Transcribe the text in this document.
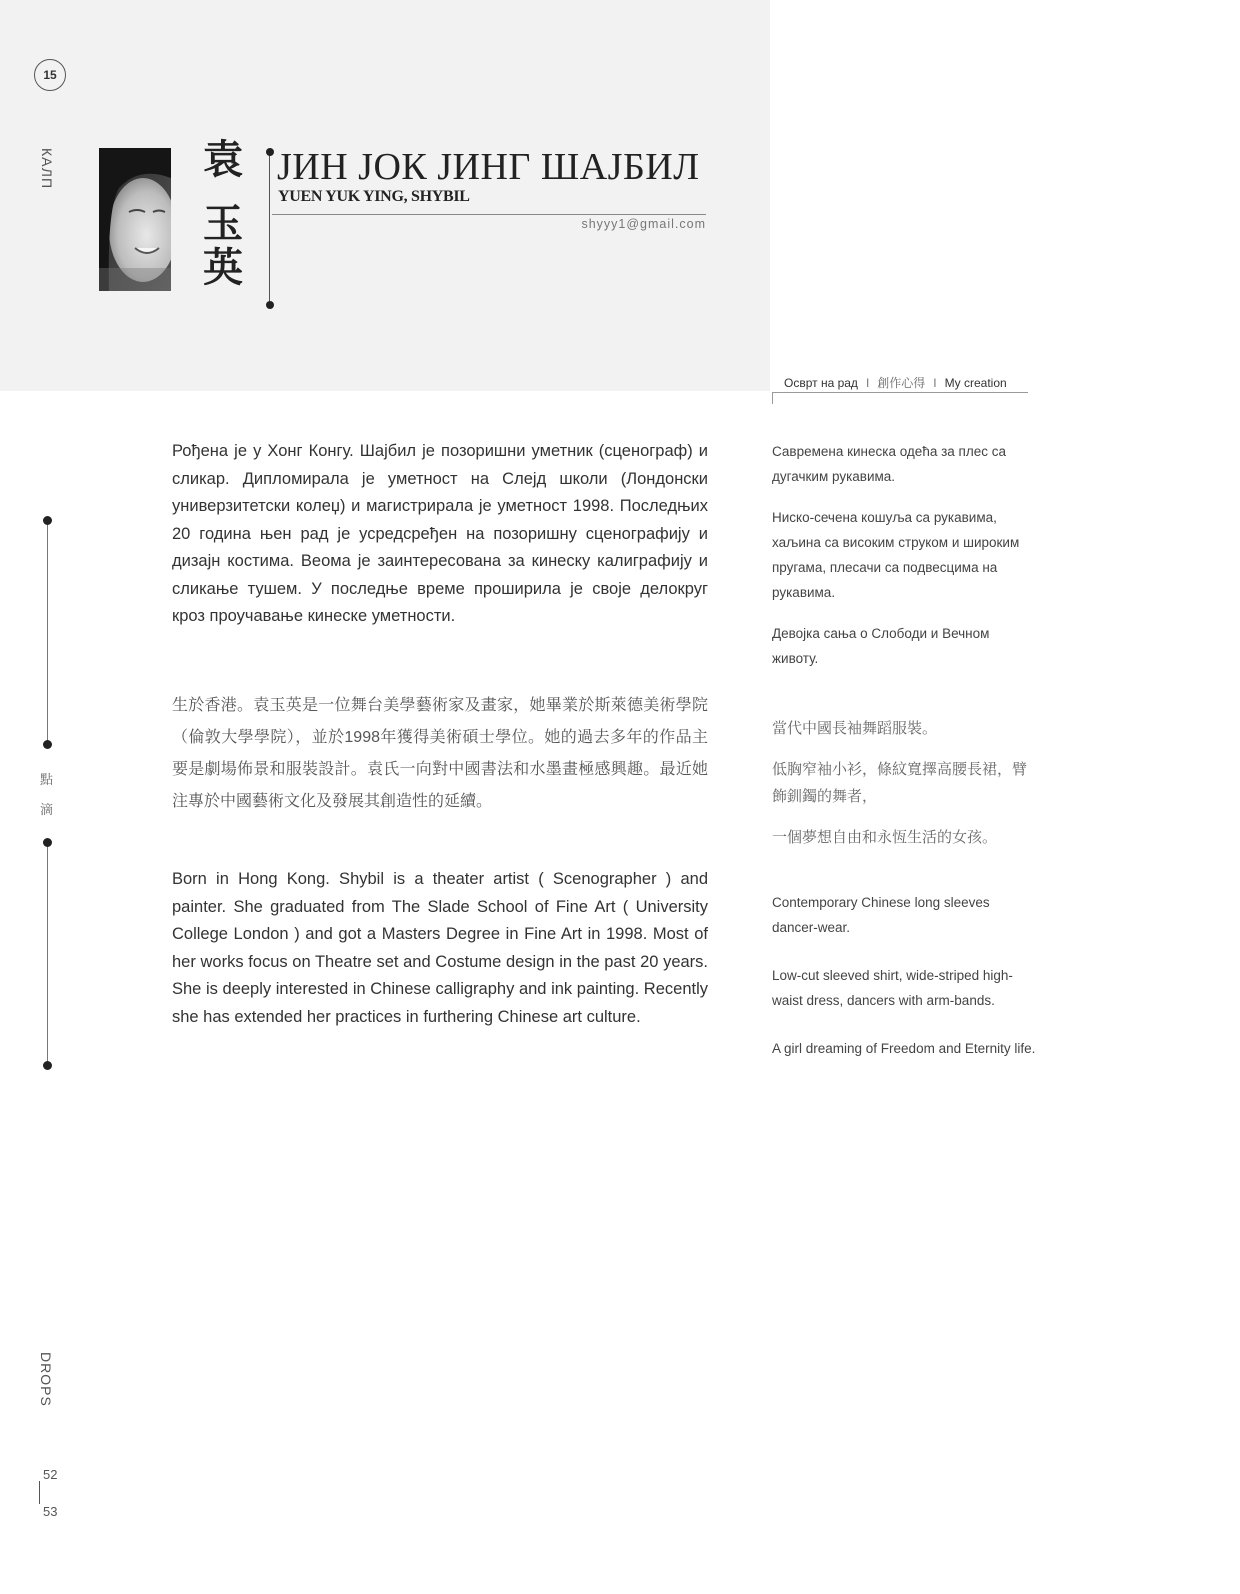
15
КАЛП	袁
玉
英
ЈИН ЈОК ЈИНГ ШАЈБИЛ
YUEN YUK YING, SHYBIL
shyyy1@gmail.com
Осврт на рад I 創作心得 I My creation

Рођена је у Хонг Конгу. Шајбил је позоришни уметник (сценограф) и сликар. Дипломирала је уметност на Слејд школи (Лондонски универзитетски колеџ) и магистрирала је уметност 1998. Последњих 20 година њен рад је усредсређен на позоришну сценографију и дизајн костима. Веома је заинтересована за кинеску калиграфију и сликање тушем. У последње време проширила је своје делокруг кроз проучавање кинеске уметности.

生於香港。袁玉英是一位舞台美學藝術家及畫家，她畢業於斯萊德美術學院（倫敦大學學院），並於1998年獲得美術碩士學位。她的過去多年的作品主要是劇場佈景和服裝設計。袁氏一向對中國書法和水墨畫極感興趣。最近她注專於中國藝術文化及發展其創造性的延續。

Born in Hong Kong. Shybil is a theater artist ( Scenographer ) and painter. She graduated from The Slade School of Fine Art ( University College London ) and got a Masters Degree in Fine Art in 1998. Most of her works focus on Theatre set and Costume design in the past 20 years. She is deeply interested in Chinese calligraphy and ink painting. Recently she has extended her practices in furthering Chinese art culture.

點
滴

Савремена кинеска одећа за плес са дугачким рукавима.

Ниско-сечена кошуља са рукавима, хаљина са високим струком и широким пругама, плесачи са подвесцима на рукавима.

Девојка сања о Слободи и Вечном животу.

當代中國長袖舞蹈服裝。

低胸窄袖小衫，條紋寬擇高腰長裙，臂飾釧鐲的舞者，

一個夢想自由和永恆生活的女孩。

Contemporary Chinese long sleeves dancer-wear.

Low-cut sleeved shirt, wide-striped high-waist dress, dancers with arm-bands.

A girl dreaming of Freedom and Eternity life.

DROPS
52
53
